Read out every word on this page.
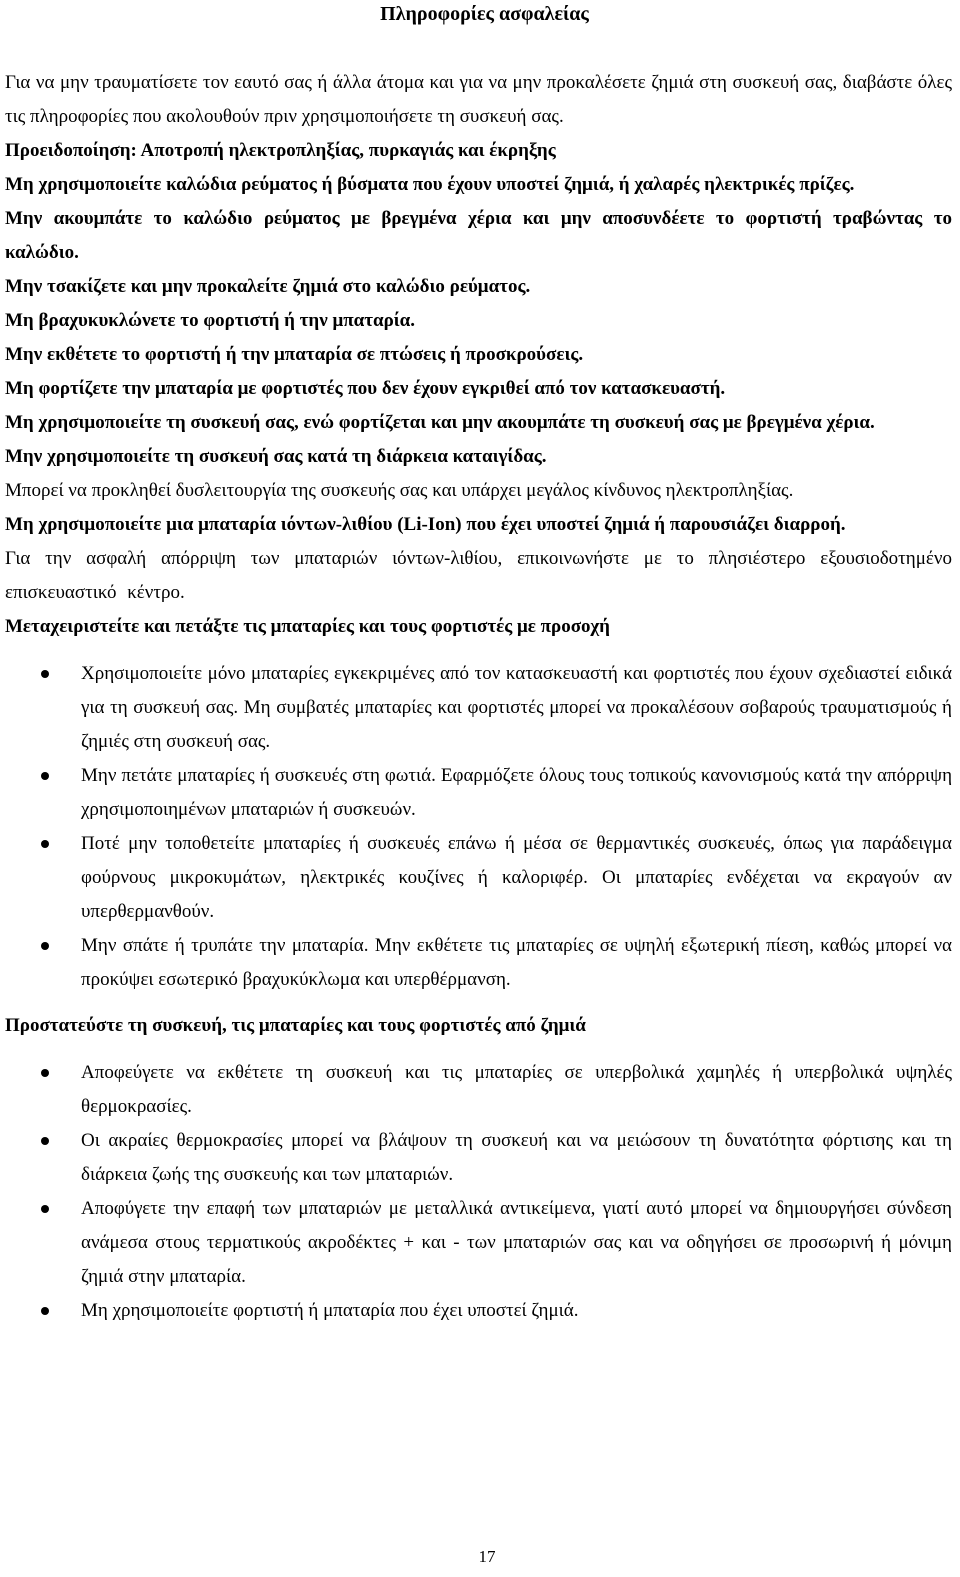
Πληροφορίες ασφαλείας

Για να μην τραυματίσετε τον εαυτό σας ή άλλα άτομα και για να μην προκαλέσετε ζημιά στη συσκευή σας, διαβάστε όλες τις πληροφορίες που ακολουθούν πριν χρησιμοποιήσετε τη συσκευή σας.

Προειδοποίηση: Αποτροπή ηλεκτροπληξίας, πυρκαγιάς και έκρηξης

Μη χρησιμοποιείτε καλώδια ρεύματος ή βύσματα που έχουν υποστεί ζημιά, ή χαλαρές ηλεκτρικές πρίζες.

Μην ακουμπάτε το καλώδιο ρεύματος με βρεγμένα χέρια και μην αποσυνδέετε το φορτιστή τραβώντας το καλώδιο.

Μην τσακίζετε και μην προκαλείτε ζημιά στο καλώδιο ρεύματος.

Μη βραχυκυκλώνετε το φορτιστή ή την μπαταρία.

Μην εκθέτετε το φορτιστή ή την μπαταρία σε πτώσεις ή προσκρούσεις.

Μη φορτίζετε την μπαταρία με φορτιστές που δεν έχουν εγκριθεί από τον κατασκευαστή.

Μη χρησιμοποιείτε τη συσκευή σας, ενώ φορτίζεται και μην ακουμπάτε τη συσκευή σας με βρεγμένα χέρια.

Μην χρησιμοποιείτε τη συσκευή σας κατά τη διάρκεια καταιγίδας.

Μπορεί να προκληθεί δυσλειτουργία της συσκευής σας και υπάρχει μεγάλος κίνδυνος ηλεκτροπληξίας.

Μη χρησιμοποιείτε μια μπαταρία ιόντων-λιθίου (Li-Ion) που έχει υποστεί ζημιά ή παρουσιάζει διαρροή.

Για την ασφαλή απόρριψη των μπαταριών ιόντων-λιθίου, επικοινωνήστε με το πλησιέστερο εξουσιοδοτημένο επισκευαστικό κέντρο.

Μεταχειριστείτε και πετάξτε τις μπαταρίες και τους φορτιστές με προσοχή
Χρησιμοποιείτε μόνο μπαταρίες εγκεκριμένες από τον κατασκευαστή και φορτιστές που έχουν σχεδιαστεί ειδικά για τη συσκευή σας. Μη συμβατές μπαταρίες και φορτιστές μπορεί να προκαλέσουν σοβαρούς τραυματισμούς ή ζημιές στη συσκευή σας.
Μην πετάτε μπαταρίες ή συσκευές στη φωτιά. Εφαρμόζετε όλους τους τοπικούς κανονισμούς κατά την απόρριψη χρησιμοποιημένων μπαταριών ή συσκευών.
Ποτέ μην τοποθετείτε μπαταρίες ή συσκευές επάνω ή μέσα σε θερμαντικές συσκευές, όπως για παράδειγμα φούρνους μικροκυμάτων, ηλεκτρικές κουζίνες ή καλοριφέρ. Οι μπαταρίες ενδέχεται να εκραγούν αν υπερθερμανθούν.
Μην σπάτε ή τρυπάτε την μπαταρία. Μην εκθέτετε τις μπαταρίες σε υψηλή εξωτερική πίεση, καθώς μπορεί να προκύψει εσωτερικό βραχυκύκλωμα και υπερθέρμανση.
Προστατεύστε τη συσκευή, τις μπαταρίες και τους φορτιστές από ζημιά
Αποφεύγετε να εκθέτετε τη συσκευή και τις μπαταρίες σε υπερβολικά χαμηλές ή υπερβολικά υψηλές θερμοκρασίες.
Οι ακραίες θερμοκρασίες μπορεί να βλάψουν τη συσκευή και να μειώσουν τη δυνατότητα φόρτισης και τη διάρκεια ζωής της συσκευής και των μπαταριών.
Αποφύγετε την επαφή των μπαταριών με μεταλλικά αντικείμενα, γιατί αυτό μπορεί να δημιουργήσει σύνδεση ανάμεσα στους τερματικούς ακροδέκτες + και - των μπαταριών σας και να οδηγήσει σε προσωρινή ή μόνιμη ζημιά στην μπαταρία.
Μη χρησιμοποιείτε φορτιστή ή μπαταρία που έχει υποστεί ζημιά.
17
